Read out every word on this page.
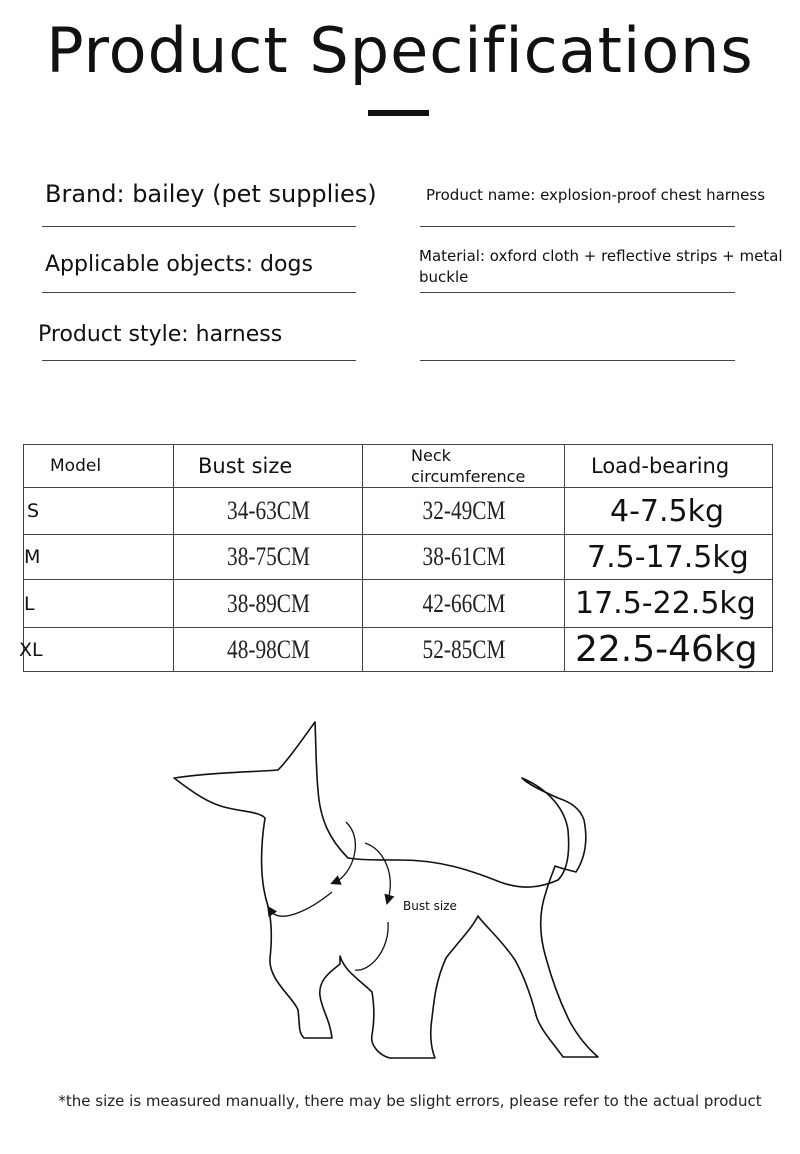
Product Specifications
Brand: bailey (pet supplies)	Product name: explosion-proof chest harness
Applicable objects: dogs	Material: oxford cloth + reflective strips + metal buckle
Product style: harness
Model	Bust size	Neck circumference	Load-bearing
S	34-63CM	32-49CM	4-7.5kg
M	38-75CM	38-61CM	7.5-17.5kg
L	38-89CM	42-66CM	17.5-22.5kg
XL	48-98CM	52-85CM	22.5-46kg
Bust size
*the size is measured manually, there may be slight errors, please refer to the actual product
